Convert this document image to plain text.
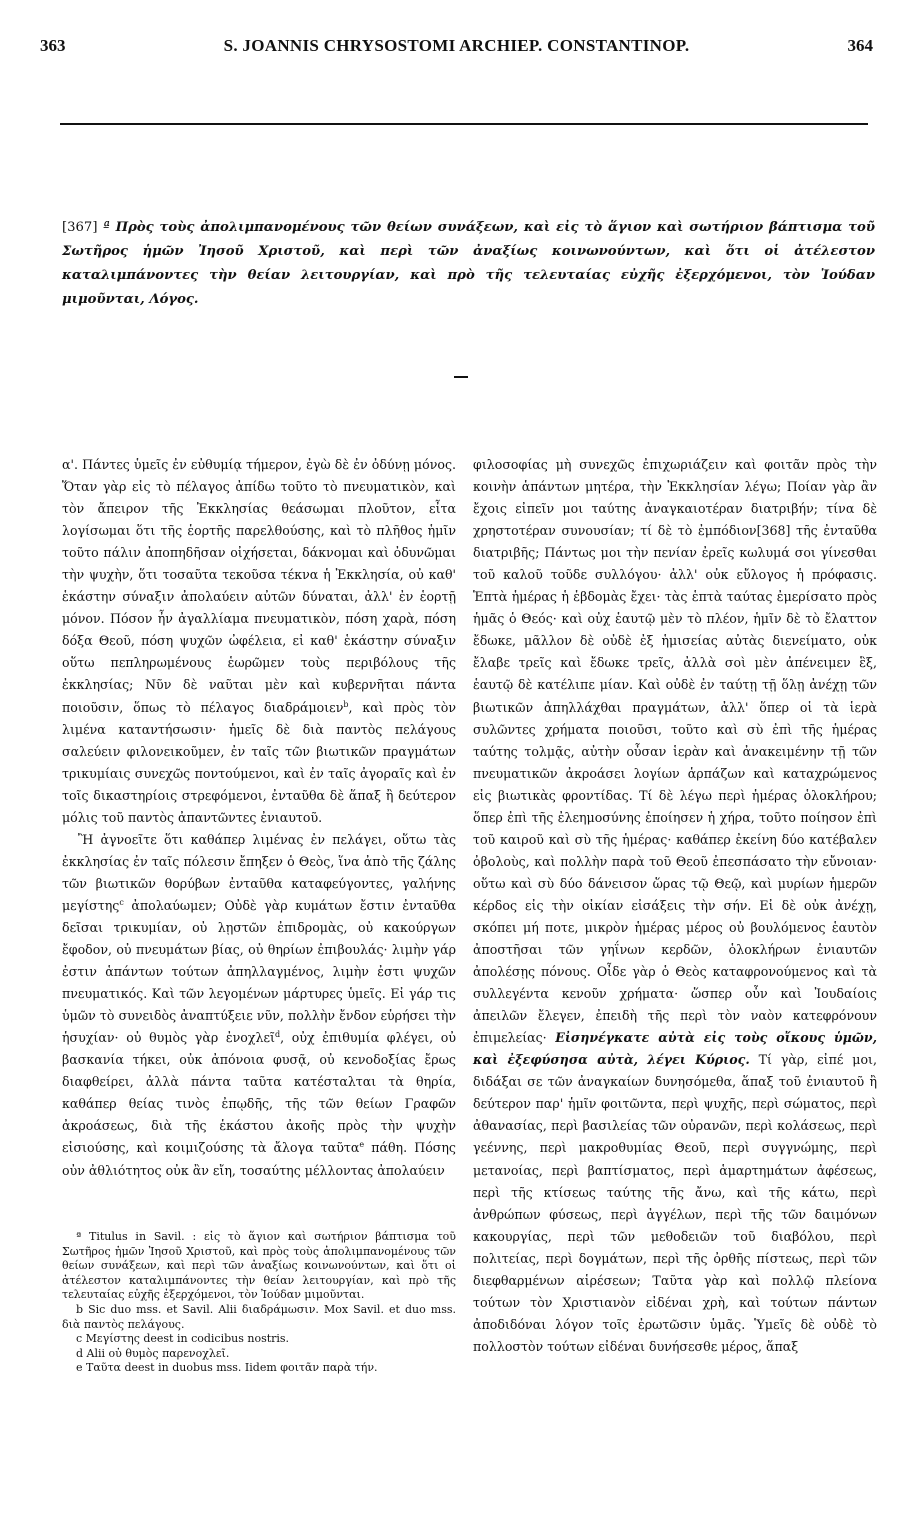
363	S. JOANNIS CHRYSOSTOMI ARCHIEP. CONSTANTINOP.	364
[367] ª Πρὸς τοὺς ἀπολιμπανομένους τῶν θείων συνάξεων, καὶ εἰς τὸ ἅγιον καὶ σωτήριον βάπτισμα τοῦ Σωτῆρος ἡμῶν Ἰησοῦ Χριστοῦ, καὶ περὶ τῶν ἀναξίως κοινωνούντων, καὶ ὅτι οἱ ἀτέλεστον καταλιμπάνοντες τὴν θείαν λειτουργίαν, καὶ πρὸ τῆς τελευταίας εὐχῆς ἐξερχόμενοι, τὸν Ἰούδαν μιμοῦνται, Λόγος.

α'. Πάντες ὑμεῖς ἐν εὐθυμίᾳ τήμερον, ἐγὼ δὲ ἐν ὀδύνῃ μόνος. Ὅταν γὰρ εἰς τὸ πέλαγος ἀπίδω τοῦτο τὸ πνευματικὸν, καὶ τὸν ἄπειρον τῆς Ἐκκλησίας θεάσωμαι πλοῦτον, εἶτα λογίσωμαι ὅτι τῆς ἑορτῆς παρελθούσης, καὶ τὸ πλῆθος ἡμῖν τοῦτο πάλιν ἀποπηδῆσαν οἰχήσεται, δάκνομαι καὶ ὀδυνῶμαι τὴν ψυχὴν, ὅτι τοσαῦτα τεκοῦσα τέκνα ἡ Ἐκκλησία, οὐ καθ' ἑκάστην σύναξιν ἀπολαύειν αὐτῶν δύναται, ἀλλ' ἐν ἑορτῇ μόνον. Πόσον ἦν ἀγαλλίαμα πνευματικὸν, πόση χαρὰ, πόση δόξα Θεοῦ, πόση ψυχῶν ὠφέλεια, εἰ καθ' ἑκάστην σύναξιν οὕτω πεπληρωμένους ἑωρῶμεν τοὺς περιβόλους τῆς ἐκκλησίας; Νῦν δὲ ναῦται μὲν καὶ κυβερνῆται πάντα ποιοῦσιν, ὅπως τὸ πέλαγος διαδράμοιεν$^b$, καὶ πρὸς τὸν λιμένα καταντήσωσιν· ἡμεῖς δὲ διὰ παντὸς πελάγους σαλεύειν φιλονεικοῦμεν, ἐν ταῖς τῶν βιωτικῶν πραγμάτων τρικυμίαις συνεχῶς ποντούμενοι, καὶ ἐν ταῖς ἀγοραῖς καὶ ἐν τοῖς δικαστηρίοις στρεφόμενοι, ἐνταῦθα δὲ ἅπαξ ἢ δεύτερον μόλις τοῦ παντὸς ἀπαντῶντες ἐνιαυτοῦ.

Ἢ ἀγνοεῖτε ὅτι καθάπερ λιμένας ἐν πελάγει, οὕτω τὰς ἐκκλησίας ἐν ταῖς πόλεσιν ἔπηξεν ὁ Θεὸς, ἵνα ἀπὸ τῆς ζάλης τῶν βιωτικῶν θορύβων ἐνταῦθα καταφεύγοντες, γαλήνης μεγίστης$^c$ ἀπολαύωμεν; Οὐδὲ γὰρ κυμάτων ἔστιν ἐνταῦθα δεῖσαι τρικυμίαν, οὐ λῃστῶν ἐπιδρομὰς, οὐ κακούργων ἔφοδον, οὐ πνευμάτων βίας, οὐ θηρίων ἐπιβουλάς· λιμὴν γάρ ἐστιν ἁπάντων τούτων ἀπηλλαγμένος, λιμὴν ἐστι ψυχῶν πνευματικός. Καὶ τῶν λεγομένων μάρτυρες ὑμεῖς. Εἰ γάρ τις ὑμῶν τὸ συνειδὸς ἀναπτύξειε νῦν, πολλὴν ἔνδον εὑρήσει τὴν ἡσυχίαν· οὐ θυμὸς γὰρ ἐνοχλεῖ$^d$, οὐχ ἐπιθυμία φλέγει, οὐ βασκανία τήκει, οὐκ ἀπόνοια φυσᾷ, οὐ κενοδοξίας ἔρως διαφθείρει, ἀλλὰ πάντα ταῦτα κατέσταλται τὰ θηρία, καθάπερ θείας τινὸς ἐπῳδῆς, τῆς τῶν θείων Γραφῶν ἀκροάσεως, διὰ τῆς ἑκάστου ἀκοῆς πρὸς τὴν ψυχὴν εἰσιούσης, καὶ κοιμιζούσης τὰ ἄλογα ταῦτα$^e$ πάθη. Πόσης οὐν ἀθλιότητος οὐκ ἂν εἴη, τοσαύτης μέλλοντας ἀπολαύειν

ª Titulus in Savil. : εἰς τὸ ἅγιον καὶ σωτήριον βάπτισμα τοῦ Σωτῆρος ἡμῶν Ἰησοῦ Χριστοῦ, καὶ πρὸς τοὺς ἀπολιμπανομένους τῶν θείων συνάξεων, καὶ περὶ τῶν ἀναξίως κοινωνούντων, καὶ ὅτι οἱ ἀτέλεστον καταλιμπάνοντες τὴν θείαν λειτουργίαν, καὶ πρὸ τῆς τελευταίας εὐχῆς ἐξερχόμενοι, τὸν Ἰούδαν μιμοῦνται.

b Sic duo mss. et Savil. Alii διαδράμωσιν. Mox Savil. et duo mss. διὰ παντὸς πελάγους.

c Μεγίστης deest in codicibus nostris.

d Alii οὐ θυμὸς παρενοχλεῖ.

e Ταῦτα deest in duobus mss. Iidem φοιτᾶν παρὰ τήν.

φιλοσοφίας μὴ συνεχῶς ἐπιχωριάζειν καὶ φοιτᾶν πρὸς τὴν κοινὴν ἁπάντων μητέρα, τὴν Ἐκκλησίαν λέγω; Ποίαν γὰρ ἂν ἔχοις εἰπεῖν μοι ταύτης ἀναγκαιοτέραν διατριβήν; τίνα δὲ χρηστοτέραν συνουσίαν; τί δὲ τὸ ἐμπόδιον[368] τῆς ἐνταῦθα διατριβῆς; Πάντως μοι τὴν πενίαν ἐρεῖς κωλυμά σοι γίνεσθαι τοῦ καλοῦ τοῦδε συλλόγου· ἀλλ' οὐκ εὔλογος ἡ πρόφασις. Ἑπτὰ ἡμέρας ἡ ἑβδομὰς ἔχει· τὰς ἑπτὰ ταύτας ἐμερίσατο πρὸς ἡμᾶς ὁ Θεός· καὶ οὐχ ἑαυτῷ μὲν τὸ πλέον, ἡμῖν δὲ τὸ ἔλαττον ἔδωκε, μᾶλλον δὲ οὐδὲ ἐξ ἡμισείας αὐτὰς διενείματο, οὐκ ἔλαβε τρεῖς καὶ ἔδωκε τρεῖς, ἀλλὰ σοὶ μὲν ἀπένειμεν ἓξ, ἑαυτῷ δὲ κατέλιπε μίαν. Καὶ οὐδὲ ἐν ταύτῃ τῇ ὅλῃ ἀνέχῃ τῶν βιωτικῶν ἀπηλλάχθαι πραγμάτων, ἀλλ' ὅπερ οἱ τὰ ἱερὰ συλῶντες χρήματα ποιοῦσι, τοῦτο καὶ σὺ ἐπὶ τῆς ἡμέρας ταύτης τολμᾷς, αὐτὴν οὖσαν ἱερὰν καὶ ἀνακειμένην τῇ τῶν πνευματικῶν ἀκροάσει λογίων ἁρπάζων καὶ καταχρώμενος εἰς βιωτικὰς φροντίδας. Τί δὲ λέγω περὶ ἡμέρας ὁλοκλήρου; ὅπερ ἐπὶ τῆς ἐλεημοσύνης ἐποίησεν ἡ χήρα, τοῦτο ποίησον ἐπὶ τοῦ καιροῦ καὶ σὺ τῆς ἡμέρας· καθάπερ ἐκείνη δύο κατέβαλεν ὀβολοὺς, καὶ πολλὴν παρὰ τοῦ Θεοῦ ἐπεσπάσατο τὴν εὔνοιαν· οὕτω καὶ σὺ δύο δάνεισον ὥρας τῷ Θεῷ, καὶ μυρίων ἡμερῶν κέρδος εἰς τὴν οἰκίαν εἰσάξεις τὴν σήν. Εἰ δὲ οὐκ ἀνέχῃ, σκόπει μή ποτε, μικρὸν ἡμέρας μέρος οὐ βουλόμενος ἑαυτὸν ἀποστῆσαι τῶν γηΐνων κερδῶν, ὁλοκλήρων ἐνιαυτῶν ἀπολέσῃς πόνους. Οἶδε γὰρ ὁ Θεὸς καταφρονούμενος καὶ τὰ συλλεγέντα κενοῦν χρήματα· ὥσπερ οὖν καὶ Ἰουδαίοις ἀπειλῶν ἔλεγεν, ἐπειδὴ τῆς περὶ τὸν ναὸν κατεφρόνουν ἐπιμελείας· Εἰσηνέγκατε αὐτὰ εἰς τοὺς οἴκους ὑμῶν, καὶ ἐξεφύσησα αὐτὰ, λέγει Κύριος. Τί γὰρ, εἰπέ μοι, διδάξαι σε τῶν ἀναγκαίων δυνησόμεθα, ἅπαξ τοῦ ἐνιαυτοῦ ἢ δεύτερον παρ' ἡμῖν φοιτῶντα, περὶ ψυχῆς, περὶ σώματος, περὶ ἀθανασίας, περὶ βασιλείας τῶν οὐρανῶν, περὶ κολάσεως, περὶ γεέννης, περὶ μακροθυμίας Θεοῦ, περὶ συγγνώμης, περὶ μετανοίας, περὶ βαπτίσματος, περὶ ἁμαρτημάτων ἀφέσεως, περὶ τῆς κτίσεως ταύτης τῆς ἄνω, καὶ τῆς κάτω, περὶ ἀνθρώπων φύσεως, περὶ ἀγγέλων, περὶ τῆς τῶν δαιμόνων κακουργίας, περὶ τῶν μεθοδειῶν τοῦ διαβόλου, περὶ πολιτείας, περὶ δογμάτων, περὶ τῆς ὀρθῆς πίστεως, περὶ τῶν διεφθαρμένων αἱρέσεων; Ταῦτα γὰρ καὶ πολλῷ πλείονα τούτων τὸν Χριστιανὸν εἰδέναι χρὴ, καὶ τούτων πάντων ἀποδιδόναι λόγον τοῖς ἐρωτῶσιν ὑμᾶς. Ὑμεῖς δὲ οὐδὲ τὸ πολλοστὸν τούτων εἰδέναι δυνήσεσθε μέρος, ἅπαξ
